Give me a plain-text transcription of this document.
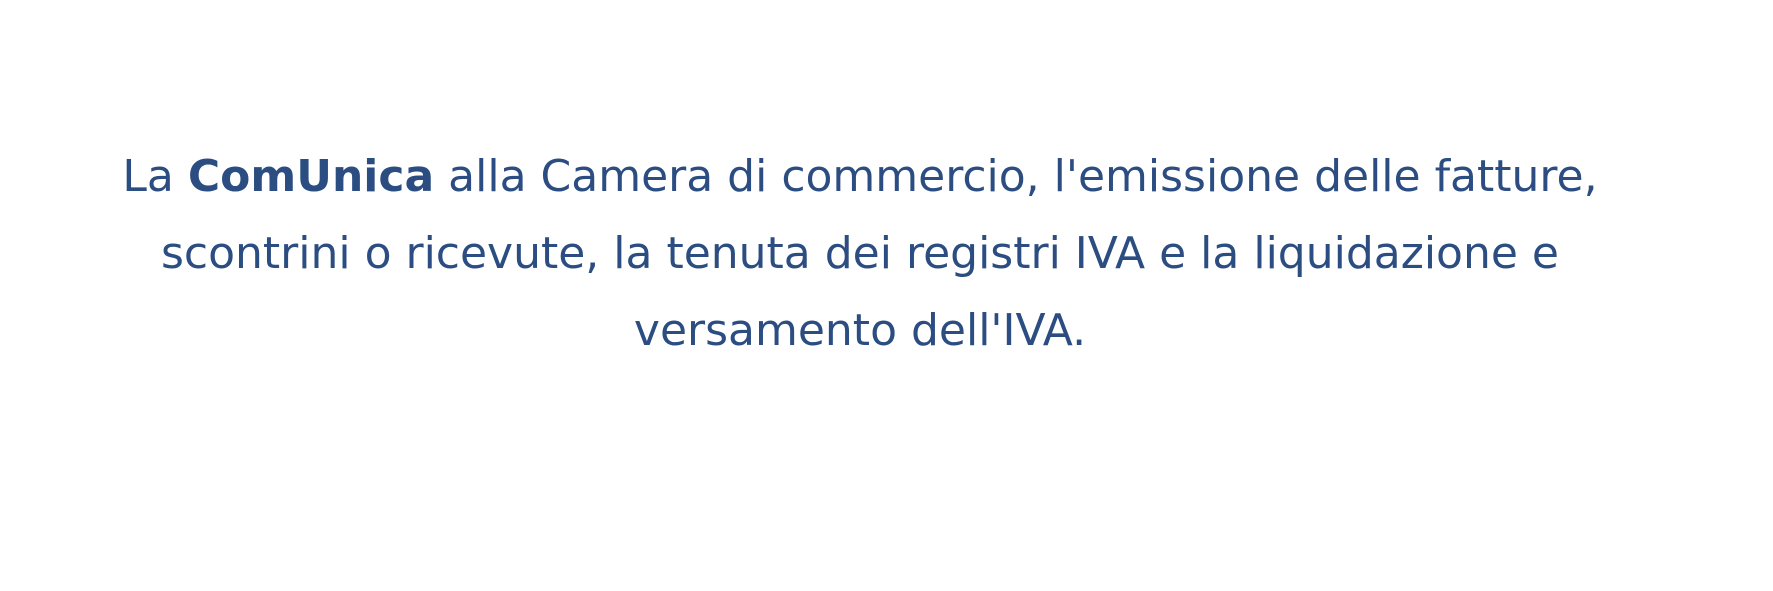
La ComUnica alla Camera di commercio, l'emissione delle fatture, scontrini o ricevute, la tenuta dei registri IVA e la liquidazione e versamento dell'IVA.
